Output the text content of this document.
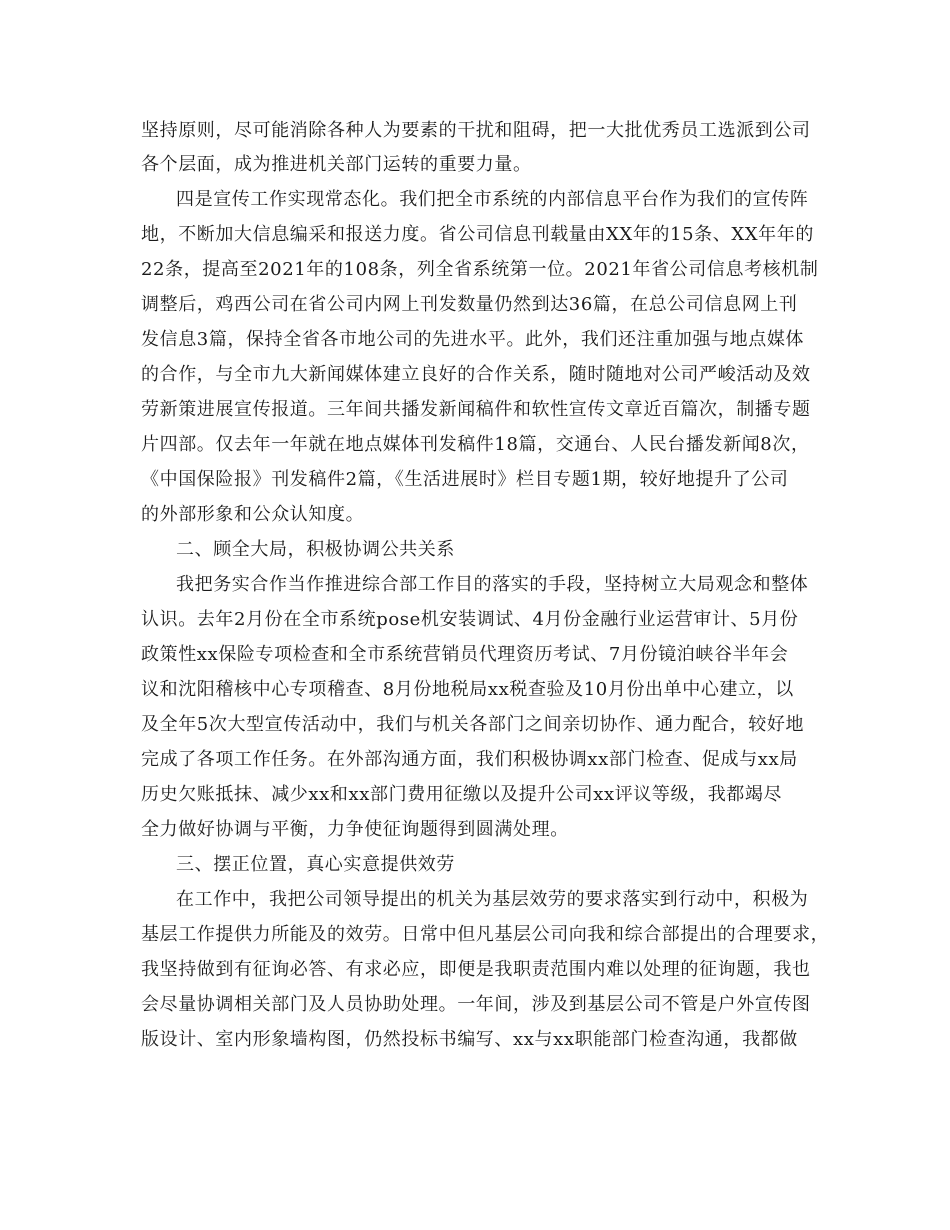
坚持原则，尽可能消除各种人为要素的干扰和阻碍，把一大批优秀员工选派到公司
各个层面，成为推进机关部门运转的重要力量。
四是宣传工作实现常态化。我们把全市系统的内部信息平台作为我们的宣传阵
地，不断加大信息编采和报送力度。省公司信息刊载量由XX年的15条、XX年年的
22条，提高至2021年的108条，列全省系统第一位。2021年省公司信息考核机制
调整后，鸡西公司在省公司内网上刊发数量仍然到达36篇，在总公司信息网上刊
发信息3篇，保持全省各市地公司的先进水平。此外，我们还注重加强与地点媒体
的合作，与全市九大新闻媒体建立良好的合作关系，随时随地对公司严峻活动及效
劳新策进展宣传报道。三年间共播发新闻稿件和软性宣传文章近百篇次，制播专题
片四部。仅去年一年就在地点媒体刊发稿件18篇，交通台、人民台播发新闻8次，
《中国保险报》刊发稿件2篇，《生活进展时》栏目专题1期，较好地提升了公司
的外部形象和公众认知度。
二、顾全大局，积极协调公共关系
我把务实合作当作推进综合部工作目的落实的手段，坚持树立大局观念和整体
认识。去年2月份在全市系统pose机安装调试、4月份金融行业运营审计、5月份
政策性xx保险专项检查和全市系统营销员代理资历考试、7月份镜泊峡谷半年会
议和沈阳稽核中心专项稽查、8月份地税局xx税查验及10月份出单中心建立，以
及全年5次大型宣传活动中，我们与机关各部门之间亲切协作、通力配合，较好地
完成了各项工作任务。在外部沟通方面，我们积极协调xx部门检查、促成与xx局
历史欠账抵抹、减少xx和xx部门费用征缴以及提升公司xx评议等级，我都竭尽
全力做好协调与平衡，力争使征询题得到圆满处理。
三、摆正位置，真心实意提供效劳
在工作中，我把公司领导提出的机关为基层效劳的要求落实到行动中，积极为
基层工作提供力所能及的效劳。日常中但凡基层公司向我和综合部提出的合理要求，
我坚持做到有征询必答、有求必应，即便是我职责范围内难以处理的征询题，我也
会尽量协调相关部门及人员协助处理。一年间，涉及到基层公司不管是户外宣传图
版设计、室内形象墙构图，仍然投标书编写、xx与xx职能部门检查沟通，我都做
